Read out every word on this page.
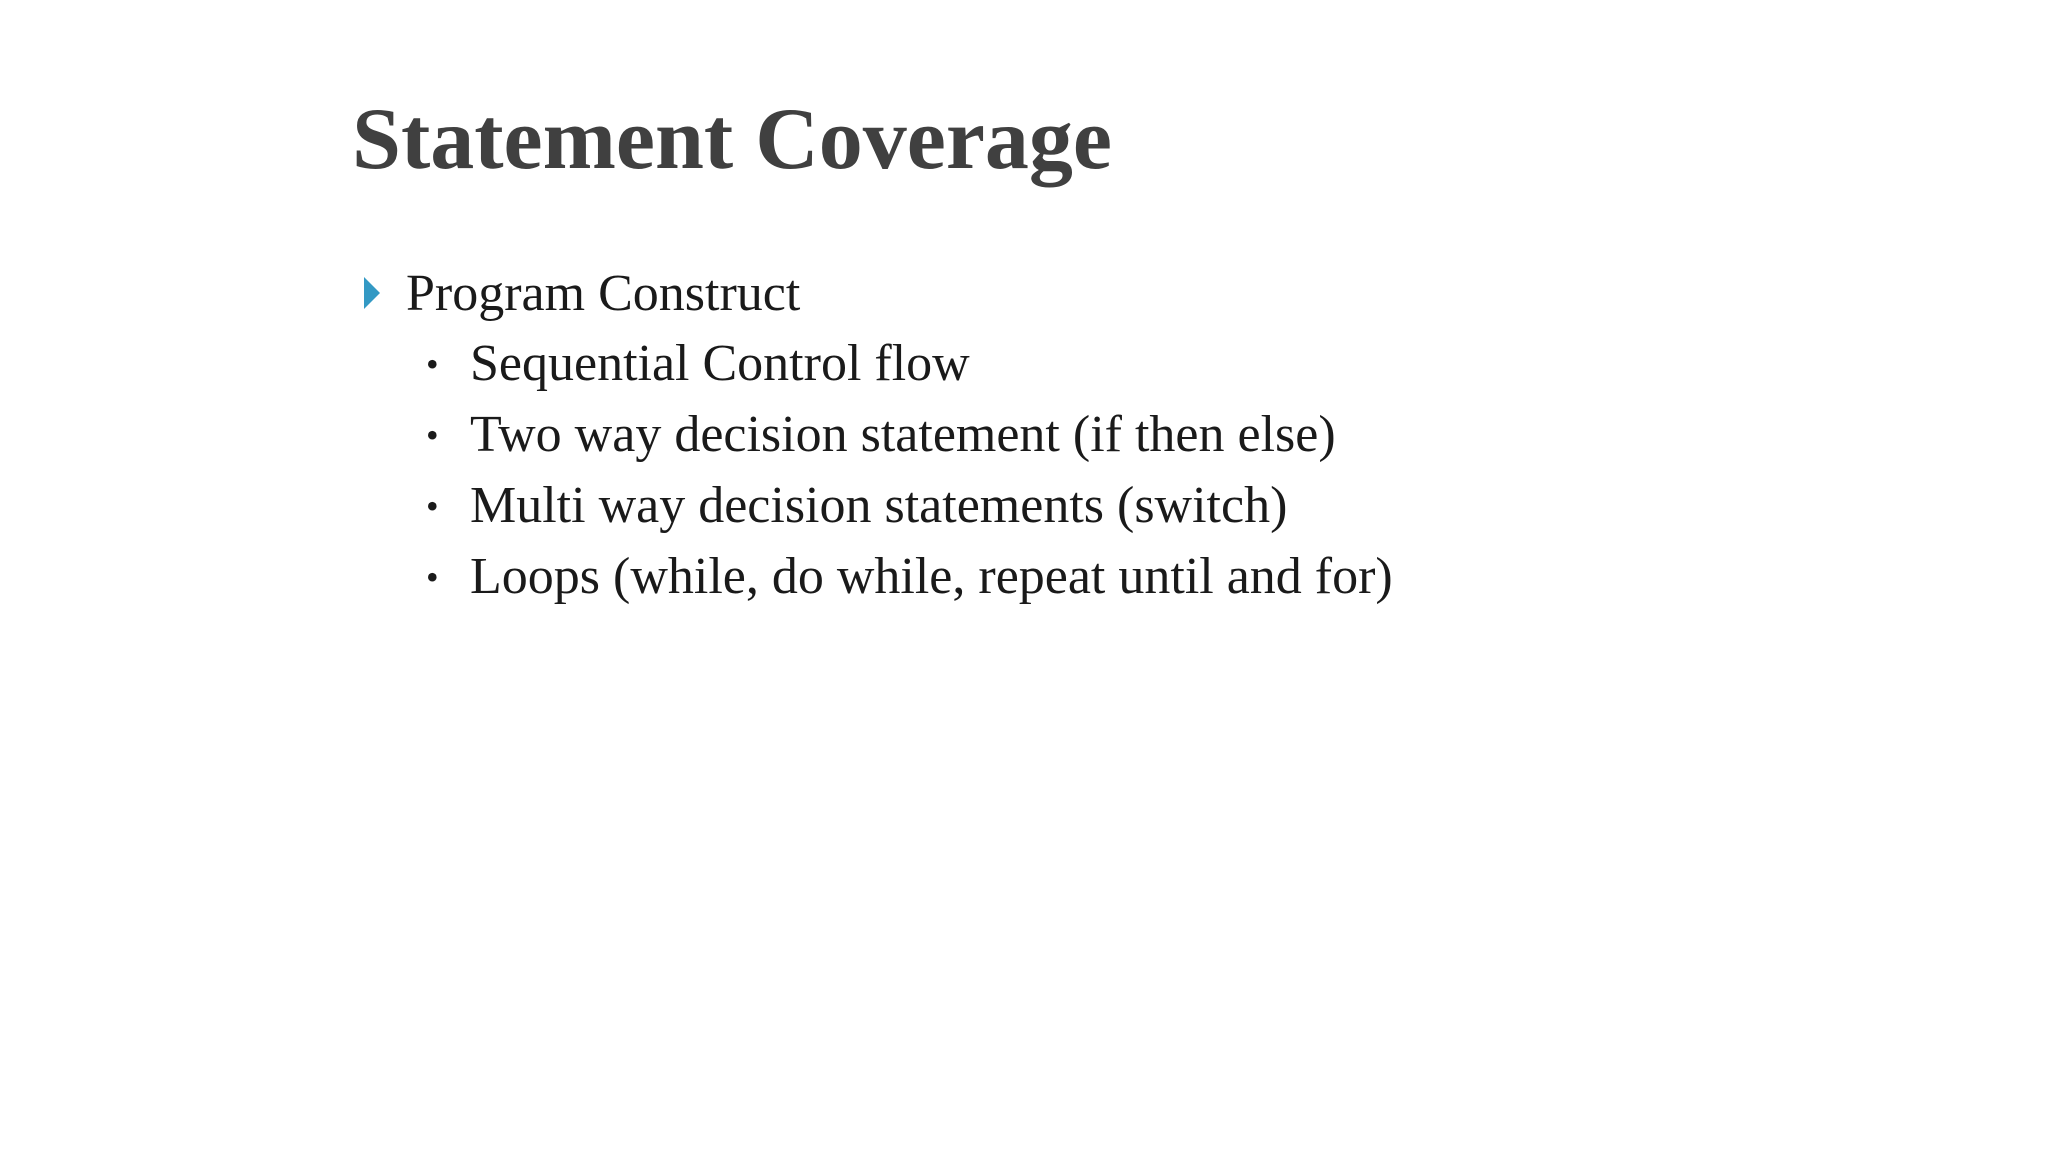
Statement Coverage
Program Construct
• Sequential Control flow
• Two way decision statement (if then else)
• Multi way decision statements (switch)
• Loops (while, do while, repeat until and for)
